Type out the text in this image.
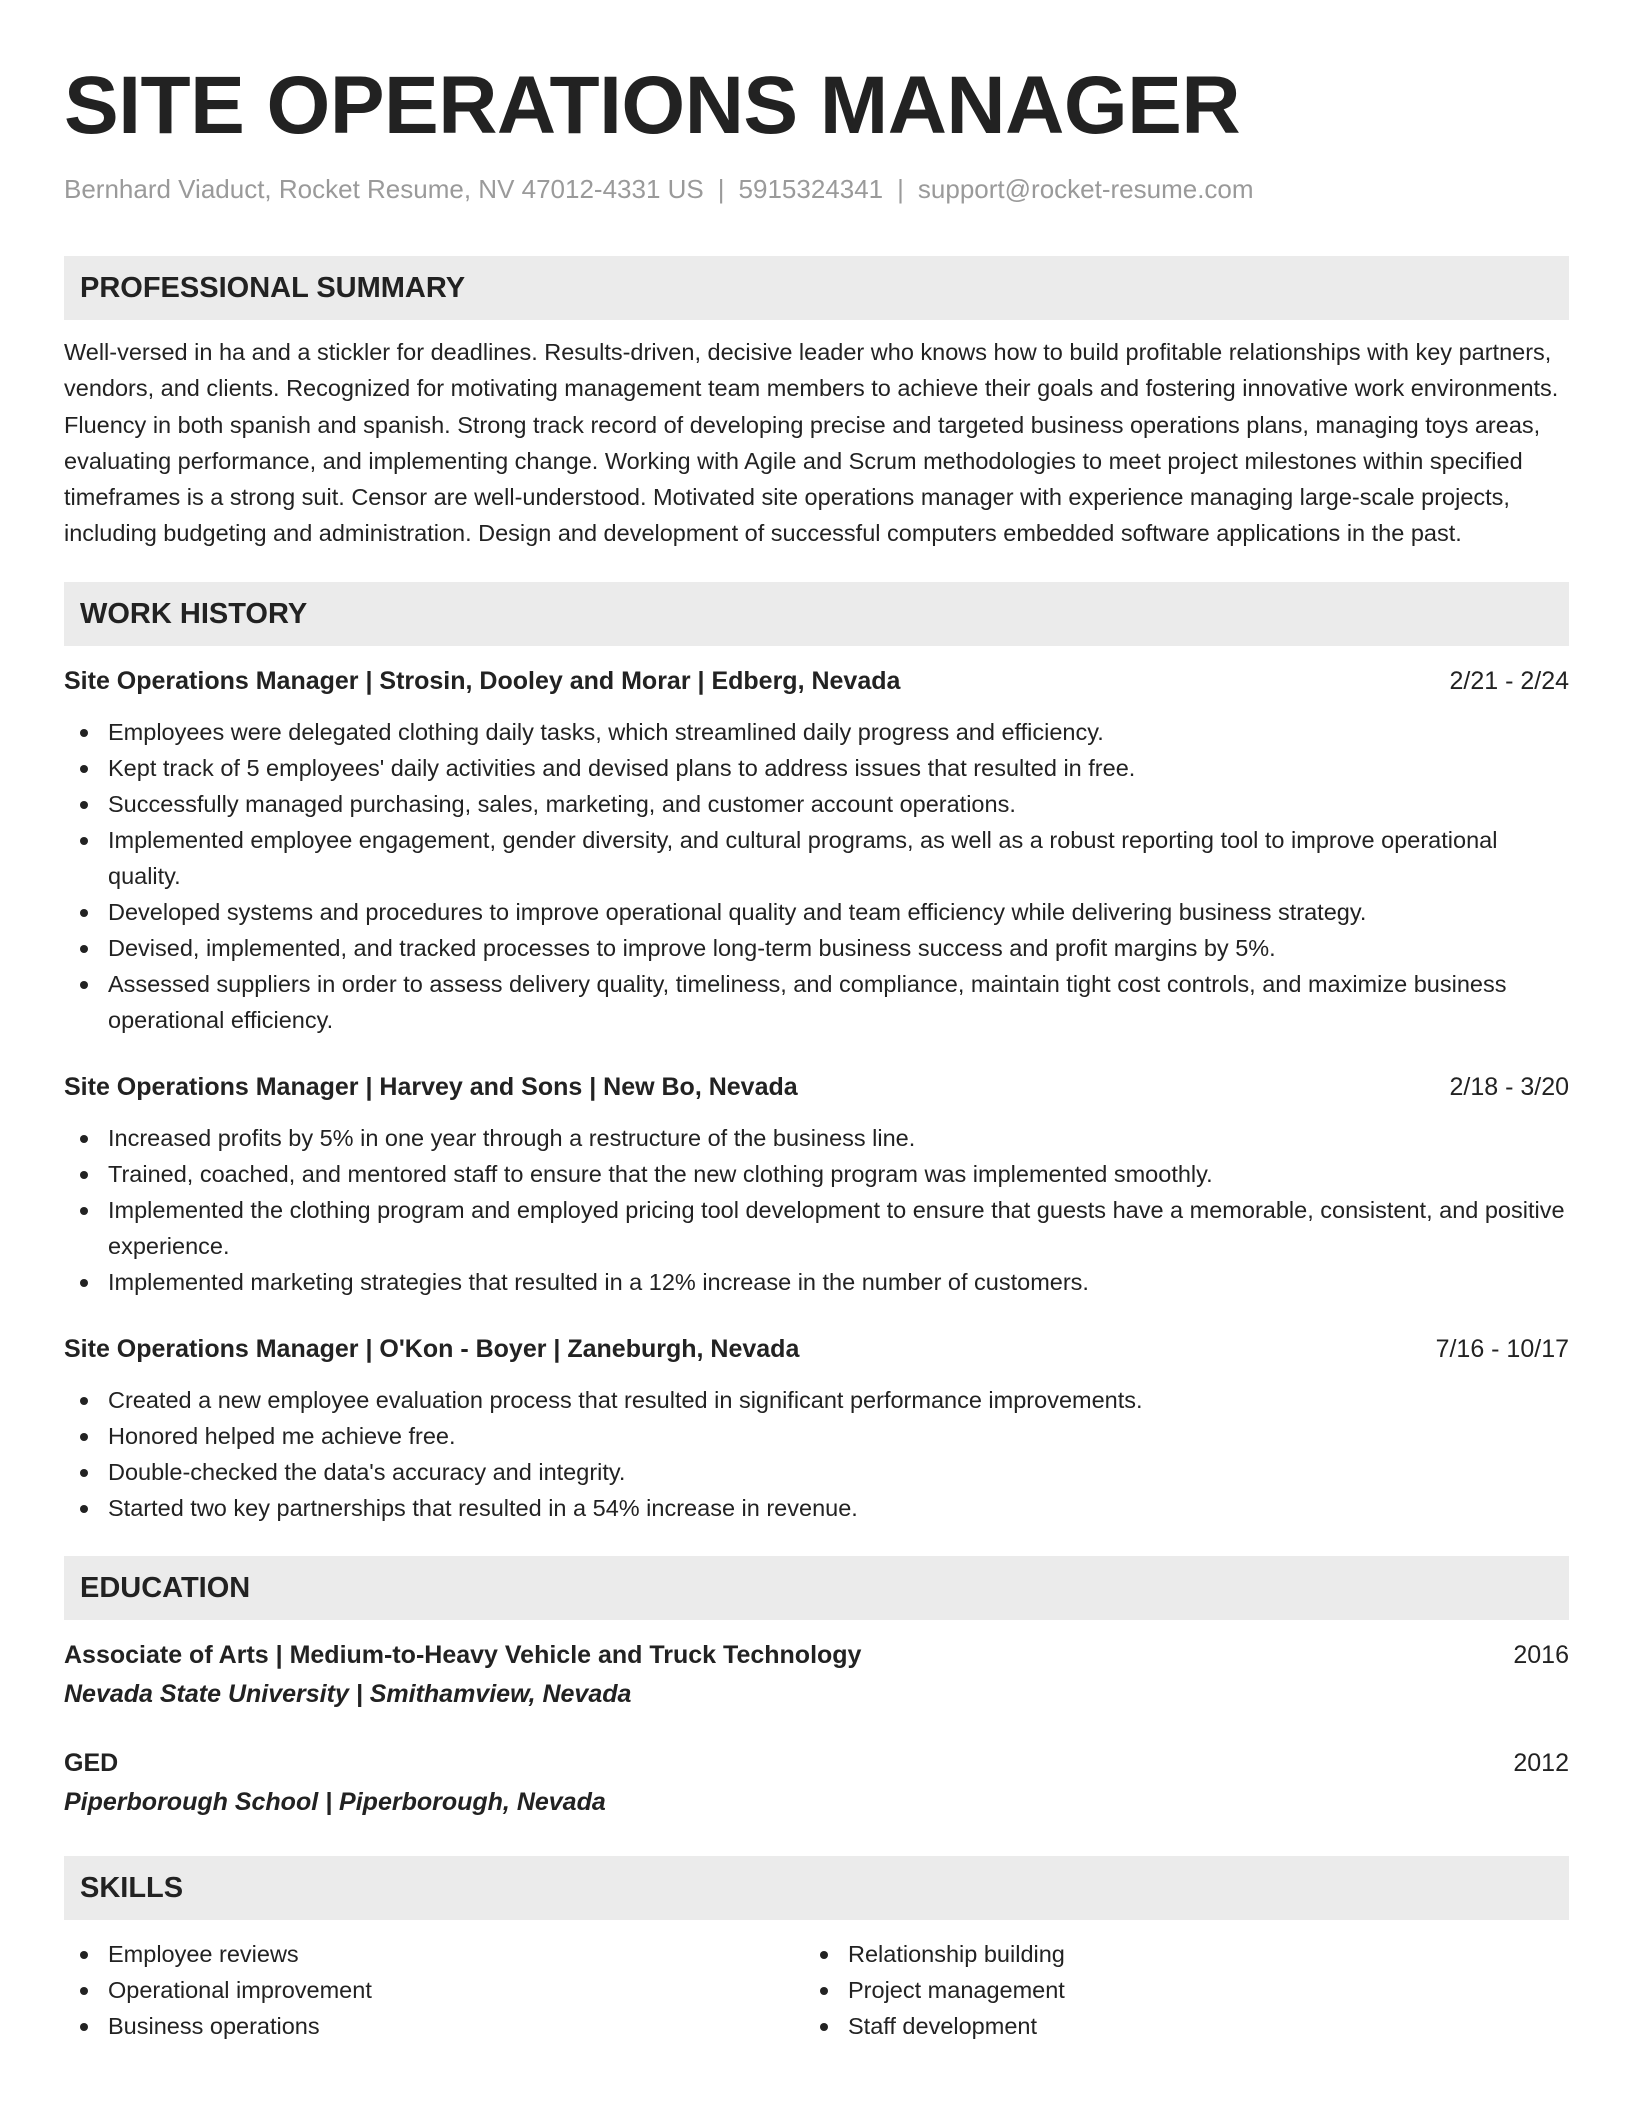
SITE OPERATIONS MANAGER
Bernhard Viaduct, Rocket Resume, NV 47012-4331 US | 5915324341 | support@rocket-resume.com
PROFESSIONAL SUMMARY

Well-versed in ha and a stickler for deadlines. Results-driven, decisive leader who knows how to build profitable relationships with key partners, vendors, and clients. Recognized for motivating management team members to achieve their goals and fostering innovative work environments. Fluency in both spanish and spanish. Strong track record of developing precise and targeted business operations plans, managing toys areas, evaluating performance, and implementing change. Working with Agile and Scrum methodologies to meet project milestones within specified timeframes is a strong suit. Censor are well-understood. Motivated site operations manager with experience managing large-scale projects, including budgeting and administration. Design and development of successful computers embedded software applications in the past.

WORK HISTORY
Site Operations Manager | Strosin, Dooley and Morar | Edberg, Nevada	2/21 - 2/24
Employees were delegated clothing daily tasks, which streamlined daily progress and efficiency.
Kept track of 5 employees' daily activities and devised plans to address issues that resulted in free.
Successfully managed purchasing, sales, marketing, and customer account operations.
Implemented employee engagement, gender diversity, and cultural programs, as well as a robust reporting tool to improve operational quality.
Developed systems and procedures to improve operational quality and team efficiency while delivering business strategy.
Devised, implemented, and tracked processes to improve long-term business success and profit margins by 5%.
Assessed suppliers in order to assess delivery quality, timeliness, and compliance, maintain tight cost controls, and maximize business operational efficiency.
Site Operations Manager | Harvey and Sons | New Bo, Nevada	2/18 - 3/20
Increased profits by 5% in one year through a restructure of the business line.
Trained, coached, and mentored staff to ensure that the new clothing program was implemented smoothly.
Implemented the clothing program and employed pricing tool development to ensure that guests have a memorable, consistent, and positive experience.
Implemented marketing strategies that resulted in a 12% increase in the number of customers.
Site Operations Manager | O'Kon - Boyer | Zaneburgh, Nevada	7/16 - 10/17
Created a new employee evaluation process that resulted in significant performance improvements.
Honored helped me achieve free.
Double-checked the data's accuracy and integrity.
Started two key partnerships that resulted in a 54% increase in revenue.
EDUCATION
Associate of Arts | Medium-to-Heavy Vehicle and Truck Technology	2016
Nevada State University | Smithamview, Nevada
GED	2012
Piperborough School | Piperborough, Nevada
SKILLS
Employee reviews
Operational improvement
Business operations
Relationship building
Project management
Staff development
